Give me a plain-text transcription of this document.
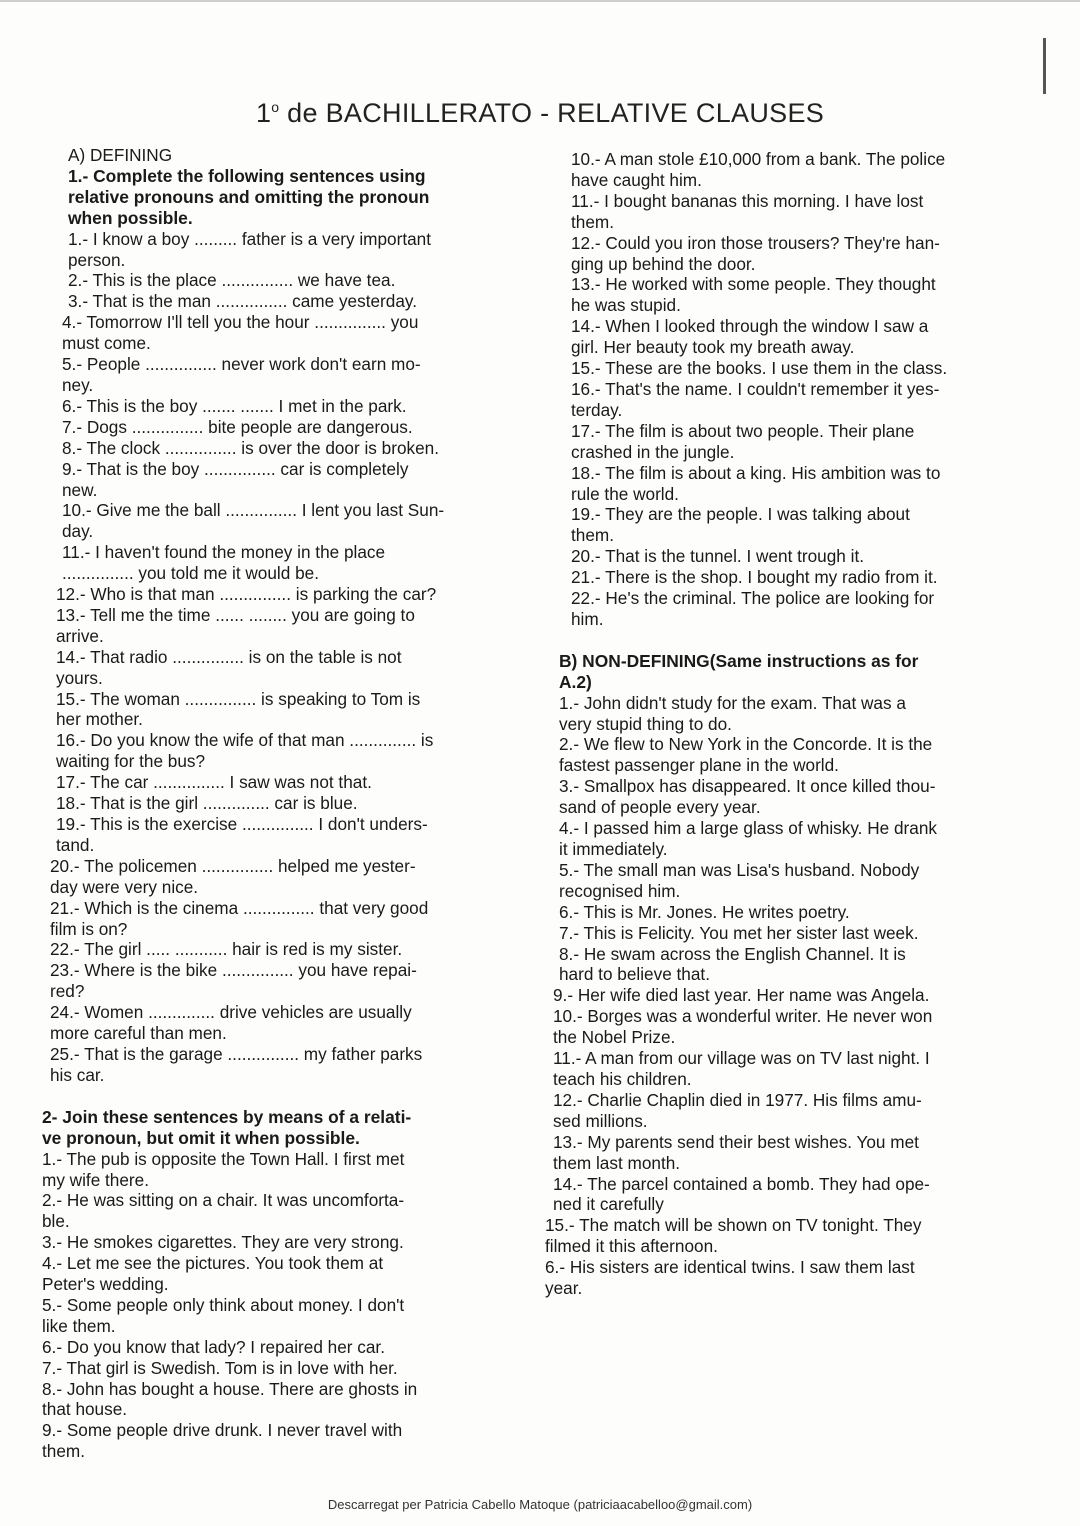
1$^o$ de BACHILLERATO - RELATIVE CLAUSES
A) DEFINING
1.- Complete the following sentences using
relative pronouns and omitting the pronoun
when possible.
1.- I know a boy ......... father is a very important
person.
2.- This is the place ............... we have tea.
3.- That is the man ............... came yesterday.
4.- Tomorrow I'll tell you the hour ............... you
must come.
5.- People ............... never work don't earn mo-
ney.
6.- This is the boy ....... ....... I met in the park.
7.- Dogs ............... bite people are dangerous.
8.- The clock ............... is over the door is broken.
9.- That is the boy ............... car is completely
new.
10.- Give me the ball ............... I lent you last Sun-
day.
11.- I haven't found the money in the place
............... you told me it would be.
12.- Who is that man ............... is parking the car?
13.- Tell me the time ...... ........ you are going to
arrive.
14.- That radio ............... is on the table is not
yours.
15.- The woman ............... is speaking to Tom is
her mother.
16.- Do you know the wife of that man .............. is
waiting for the bus?
17.- The car ............... I saw was not that.
18.- That is the girl .............. car is blue.
19.- This is the exercise ............... I don't unders-
tand.
20.- The policemen ............... helped me yester-
day were very nice.
21.- Which is the cinema ............... that very good
film is on?
22.- The girl ..... ........... hair is red is my sister.
23.- Where is the bike ............... you have repai-
red?
24.- Women .............. drive vehicles are usually
more careful than men.
25.- That is the garage ............... my father parks
his car.
2- Join these sentences by means of a relati-
ve pronoun, but omit it when possible.
1.- The pub is opposite the Town Hall. I first met
my wife there.
2.- He was sitting on a chair. It was uncomforta-
ble.
3.- He smokes cigarettes. They are very strong.
4.- Let me see the pictures. You took them at
Peter's wedding.
5.- Some people only think about money. I don't
like them.
6.- Do you know that lady? I repaired her car.
7.- That girl is Swedish. Tom is in love with her.
8.- John has bought a house. There are ghosts in
that house.
9.- Some people drive drunk. I never travel with
them.
10.- A man stole £10,000 from a bank. The police
have caught him.
11.- I bought bananas this morning. I have lost
them.
12.- Could you iron those trousers? They're han-
ging up behind the door.
13.- He worked with some people. They thought
he was stupid.
14.- When I looked through the window I saw a
girl. Her beauty took my breath away.
15.- These are the books. I use them in the class.
16.- That's the name. I couldn't remember it yes-
terday.
17.- The film is about two people. Their plane
crashed in the jungle.
18.- The film is about a king. His ambition was to
rule the world.
19.- They are the people. I was talking about
them.
20.- That is the tunnel. I went trough it.
21.- There is the shop. I bought my radio from it.
22.- He's the criminal. The police are looking for
him.
B) NON-DEFINING(Same instructions as for
A.2)
1.- John didn't study for the exam. That was a
very stupid thing to do.
2.- We flew to New York in the Concorde. It is the
fastest passenger plane in the world.
3.- Smallpox has disappeared. It once killed thou-
sand of people every year.
4.- I passed him a large glass of whisky. He drank
it immediately.
5.- The small man was Lisa's husband. Nobody
recognised him.
6.- This is Mr. Jones. He writes poetry.
7.- This is Felicity. You met her sister last week.
8.- He swam across the English Channel. It is
hard to believe that.
9.- Her wife died last year. Her name was Angela.
10.- Borges was a wonderful writer. He never won
the Nobel Prize.
11.- A man from our village was on TV last night. I
teach his children.
12.- Charlie Chaplin died in 1977. His films amu-
sed millions.
13.- My parents send their best wishes. You met
them last month.
14.- The parcel contained a bomb. They had ope-
ned it carefully
15.- The match will be shown on TV tonight. They
filmed it this afternoon.
6.- His sisters are identical twins. I saw them last
year.
Descarregat per Patricia Cabello Matoque (patriciaacabelloo@gmail.com)
